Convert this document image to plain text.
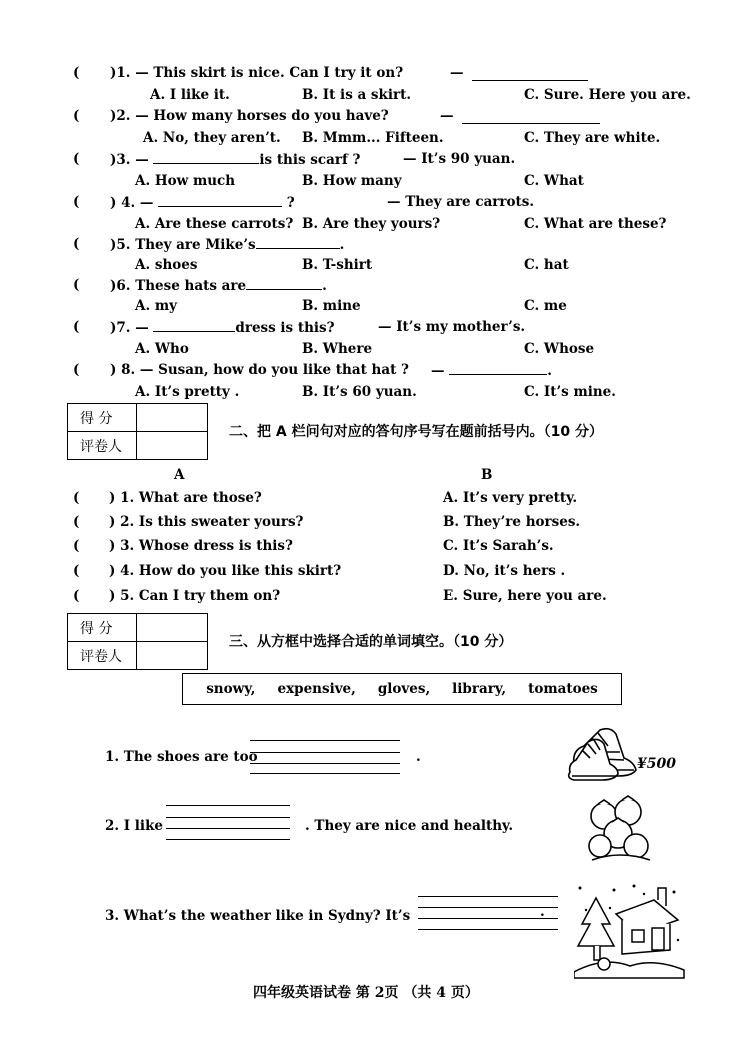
( )1. — This skirt is nice. Can I try it on?	—
A. I like it.	B. It is a skirt.	C. Sure. Here you are.
( )2. — How many horses do you have?	—
A. No, they aren’t. B. Mmm... Fifteen.	C. They are white.
( )3. —	is this scarf ?	— It’s 90 yuan.
A. How much	B. How many	C. What
( ) 4. —	?	— They are carrots.
A. Are these carrots? B. Are they yours?	C. What are these?
( )5. They are Mike’s	.
A. shoes	B. T-shirt	C. hat
( )6. These hats are	.
A. my	B. mine	C. me
( )7. —	dress is this?	— It’s my mother’s.
A. Who	B. Where	C. Whose
( ) 8. — Susan, how do you like that hat ? —	.
A. It’s pretty .	B. It’s 60 yuan.	C. It’s mine.
得 分	
评卷人	
二、把 A 栏问句对应的答句序号写在题前括号内。（10 分）
A	B
( ) 1. What are those?	A. It’s very pretty.
( ) 2. Is this sweater yours?	B. They’re horses.
( ) 3. Whose dress is this?	C. It’s Sarah’s.
( ) 4. How do you like this skirt?	D. No, it’s hers .
( ) 5. Can I try them on?	E. Sure, here you are.
得 分	
评卷人	
三、从方框中选择合适的单词填空。（10 分）
snowy, expensive, gloves, library, tomatoes
1. The shoes are too	.	¥500
2. I like	. They are nice and healthy.
3. What’s the weather like in Sydny? It’s	.
四年级英语试卷 第 2页 （共 4 页）
